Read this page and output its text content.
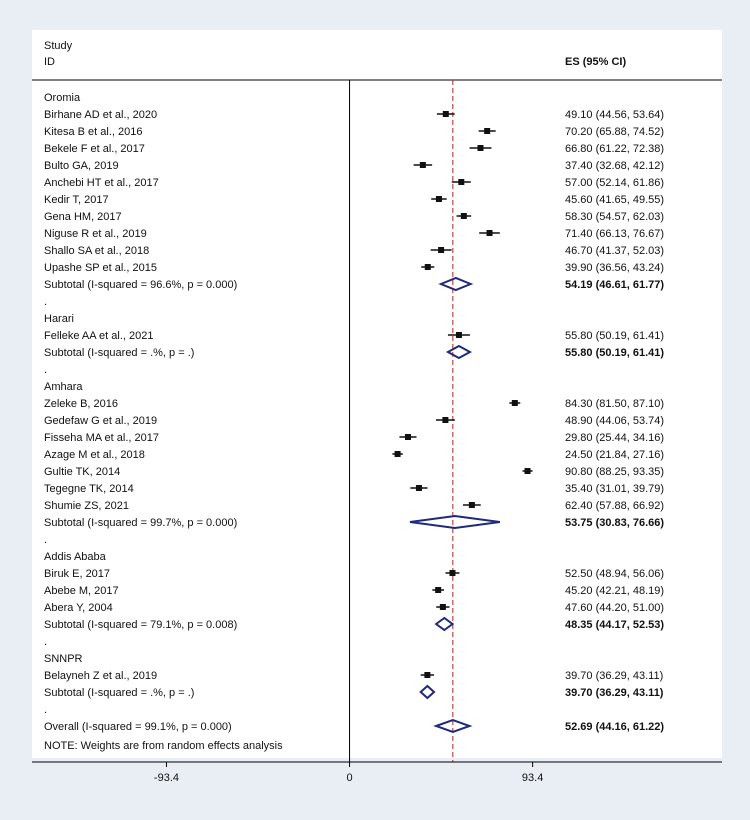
Study
ID	ES (95% CI)
Oromia
Birhane AD et al., 2020	49.10 (44.56, 53.64)
Kitesa B et al., 2016	70.20 (65.88, 74.52)
Bekele F et al., 2017	66.80 (61.22, 72.38)
Bulto GA, 2019	37.40 (32.68, 42.12)
Anchebi HT et al., 2017	57.00 (52.14, 61.86)
Kedir T, 2017	45.60 (41.65, 49.55)
Gena HM, 2017	58.30 (54.57, 62.03)
Niguse R et al., 2019	71.40 (66.13, 76.67)
Shallo SA et al., 2018	46.70 (41.37, 52.03)
Upashe SP et al., 2015	39.90 (36.56, 43.24)
Subtotal (I-squared = 96.6%, p = 0.000)	54.19 (46.61, 61.77)
.
Harari
Felleke AA et al., 2021	55.80 (50.19, 61.41)
Subtotal (I-squared = .%, p = .)	55.80 (50.19, 61.41)
.
Amhara
Zeleke B, 2016	84.30 (81.50, 87.10)
Gedefaw G et al., 2019	48.90 (44.06, 53.74)
Fisseha MA et al., 2017	29.80 (25.44, 34.16)
Azage M et al., 2018	24.50 (21.84, 27.16)
Gultie TK, 2014	90.80 (88.25, 93.35)
Tegegne TK, 2014	35.40 (31.01, 39.79)
Shumie ZS, 2021	62.40 (57.88, 66.92)
Subtotal (I-squared = 99.7%, p = 0.000)	53.75 (30.83, 76.66)
.
Addis Ababa
Biruk E, 2017	52.50 (48.94, 56.06)
Abebe M, 2017	45.20 (42.21, 48.19)
Abera Y, 2004	47.60 (44.20, 51.00)
Subtotal (I-squared = 79.1%, p = 0.008)	48.35 (44.17, 52.53)
.
SNNPR
Belayneh Z et al., 2019	39.70 (36.29, 43.11)
Subtotal (I-squared = .%, p = .)	39.70 (36.29, 43.11)
.
Overall (I-squared = 99.1%, p = 0.000)	52.69 (44.16, 61.22)
NOTE: Weights are from random effects analysis
-93.4	0	93.4
